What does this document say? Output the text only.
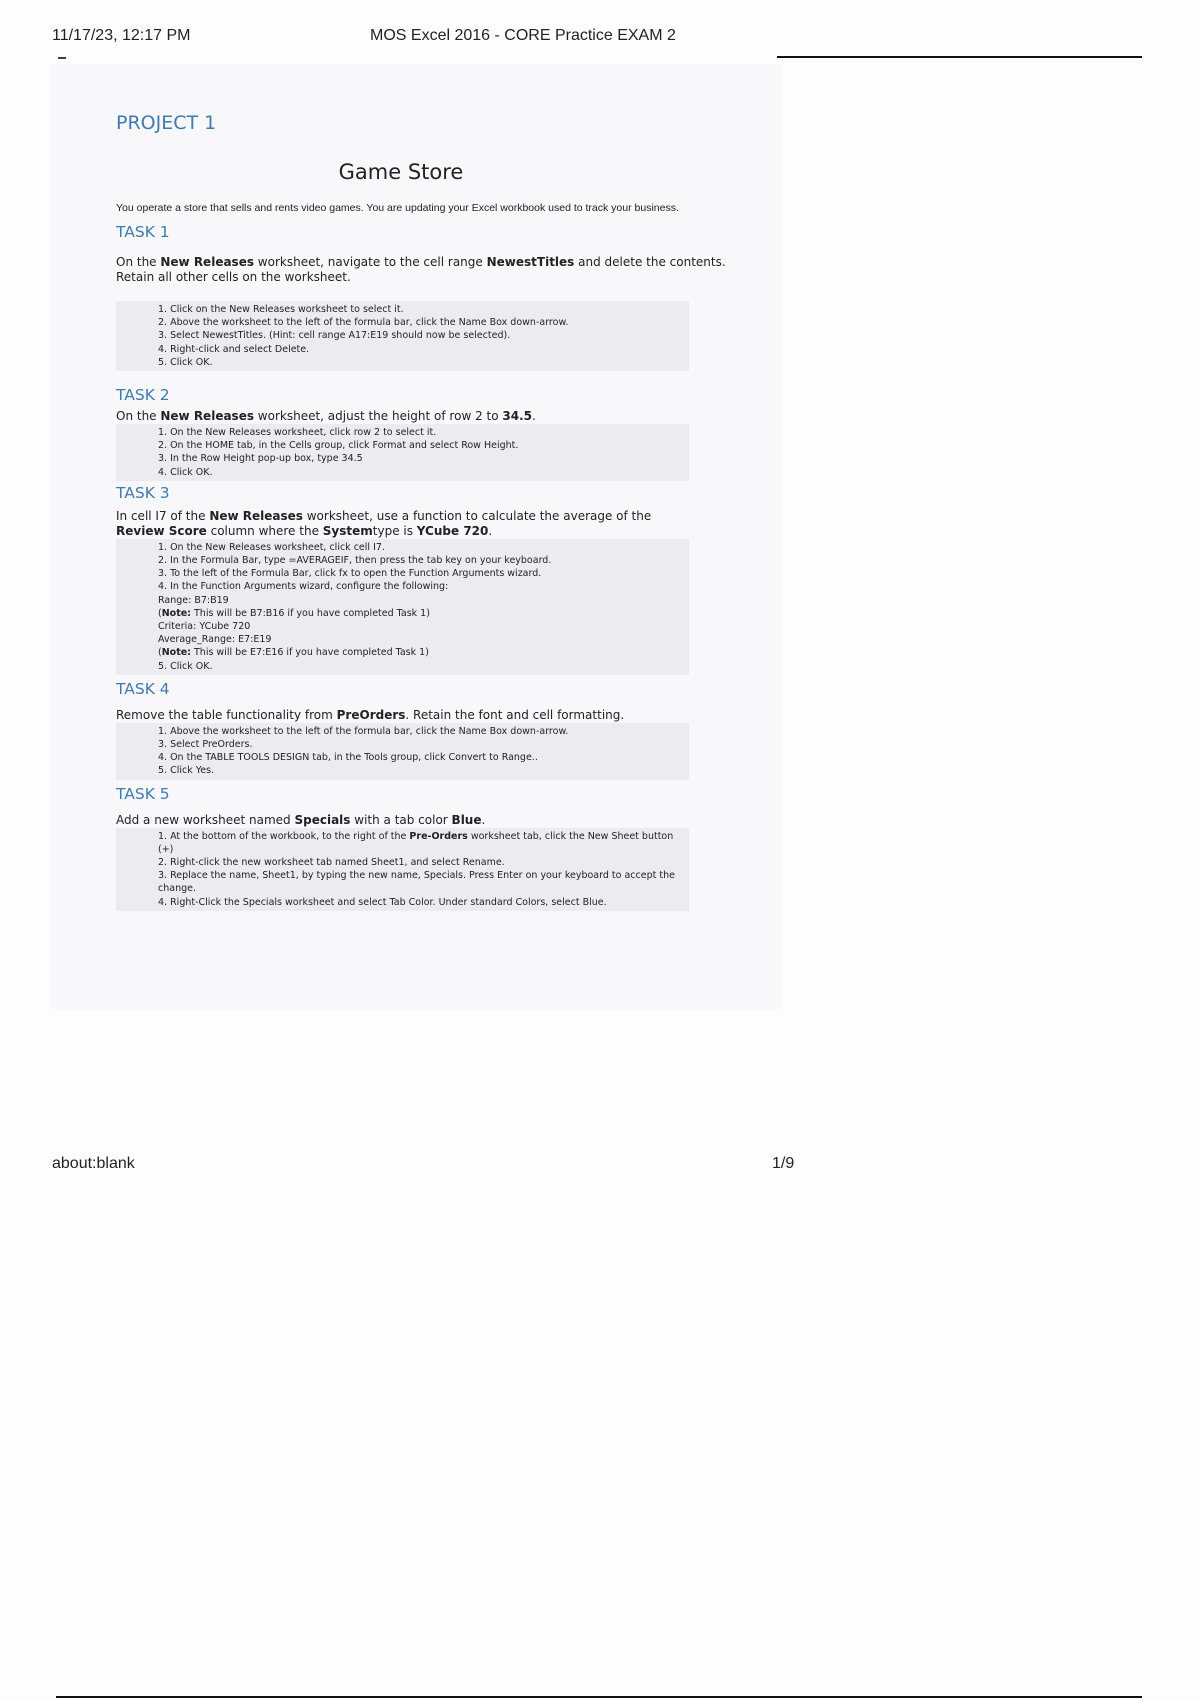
11/17/23, 12:17 PM	MOS Excel 2016 - CORE Practice EXAM 2

PROJECT 1

Game Store

You operate a store that sells and rents video games. You are updating your Excel workbook used to track your business.

TASK 1

On the New Releases worksheet, navigate to the cell range NewestTitles and delete the contents. Retain all other cells on the worksheet.

1. Click on the New Releases worksheet to select it.
2. Above the worksheet to the left of the formula bar, click the Name Box down-arrow.
3. Select NewestTitles. (Hint: cell range A17:E19 should now be selected).
4. Right-click and select Delete.
5. Click OK.

TASK 2

On the New Releases worksheet, adjust the height of row 2 to 34.5.

1. On the New Releases worksheet, click row 2 to select it.
2. On the HOME tab, in the Cells group, click Format and select Row Height.
3. In the Row Height pop-up box, type 34.5
4. Click OK.

TASK 3

In cell I7 of the New Releases worksheet, use a function to calculate the average of the Review Score column where the Systemtype is YCube 720.

1. On the New Releases worksheet, click cell I7.
2. In the Formula Bar, type =AVERAGEIF, then press the tab key on your keyboard.
3. To the left of the Formula Bar, click fx to open the Function Arguments wizard.
4. In the Function Arguments wizard, configure the following:
Range: B7:B19
(Note: This will be B7:B16 if you have completed Task 1)
Criteria: YCube 720
Average_Range: E7:E19
(Note: This will be E7:E16 if you have completed Task 1)
5. Click OK.

TASK 4

Remove the table functionality from PreOrders. Retain the font and cell formatting.

1. Above the worksheet to the left of the formula bar, click the Name Box down-arrow.
3. Select PreOrders.
4. On the TABLE TOOLS DESIGN tab, in the Tools group, click Convert to Range..
5. Click Yes.

TASK 5

Add a new worksheet named Specials with a tab color Blue.

1. At the bottom of the workbook, to the right of the Pre-Orders worksheet tab, click the New Sheet button (+)
2. Right-click the new worksheet tab named Sheet1, and select Rename.
3. Replace the name, Sheet1, by typing the new name, Specials. Press Enter on your keyboard to accept the change.
4. Right-Click the Specials worksheet and select Tab Color. Under standard Colors, select Blue.
about:blank	1/9
